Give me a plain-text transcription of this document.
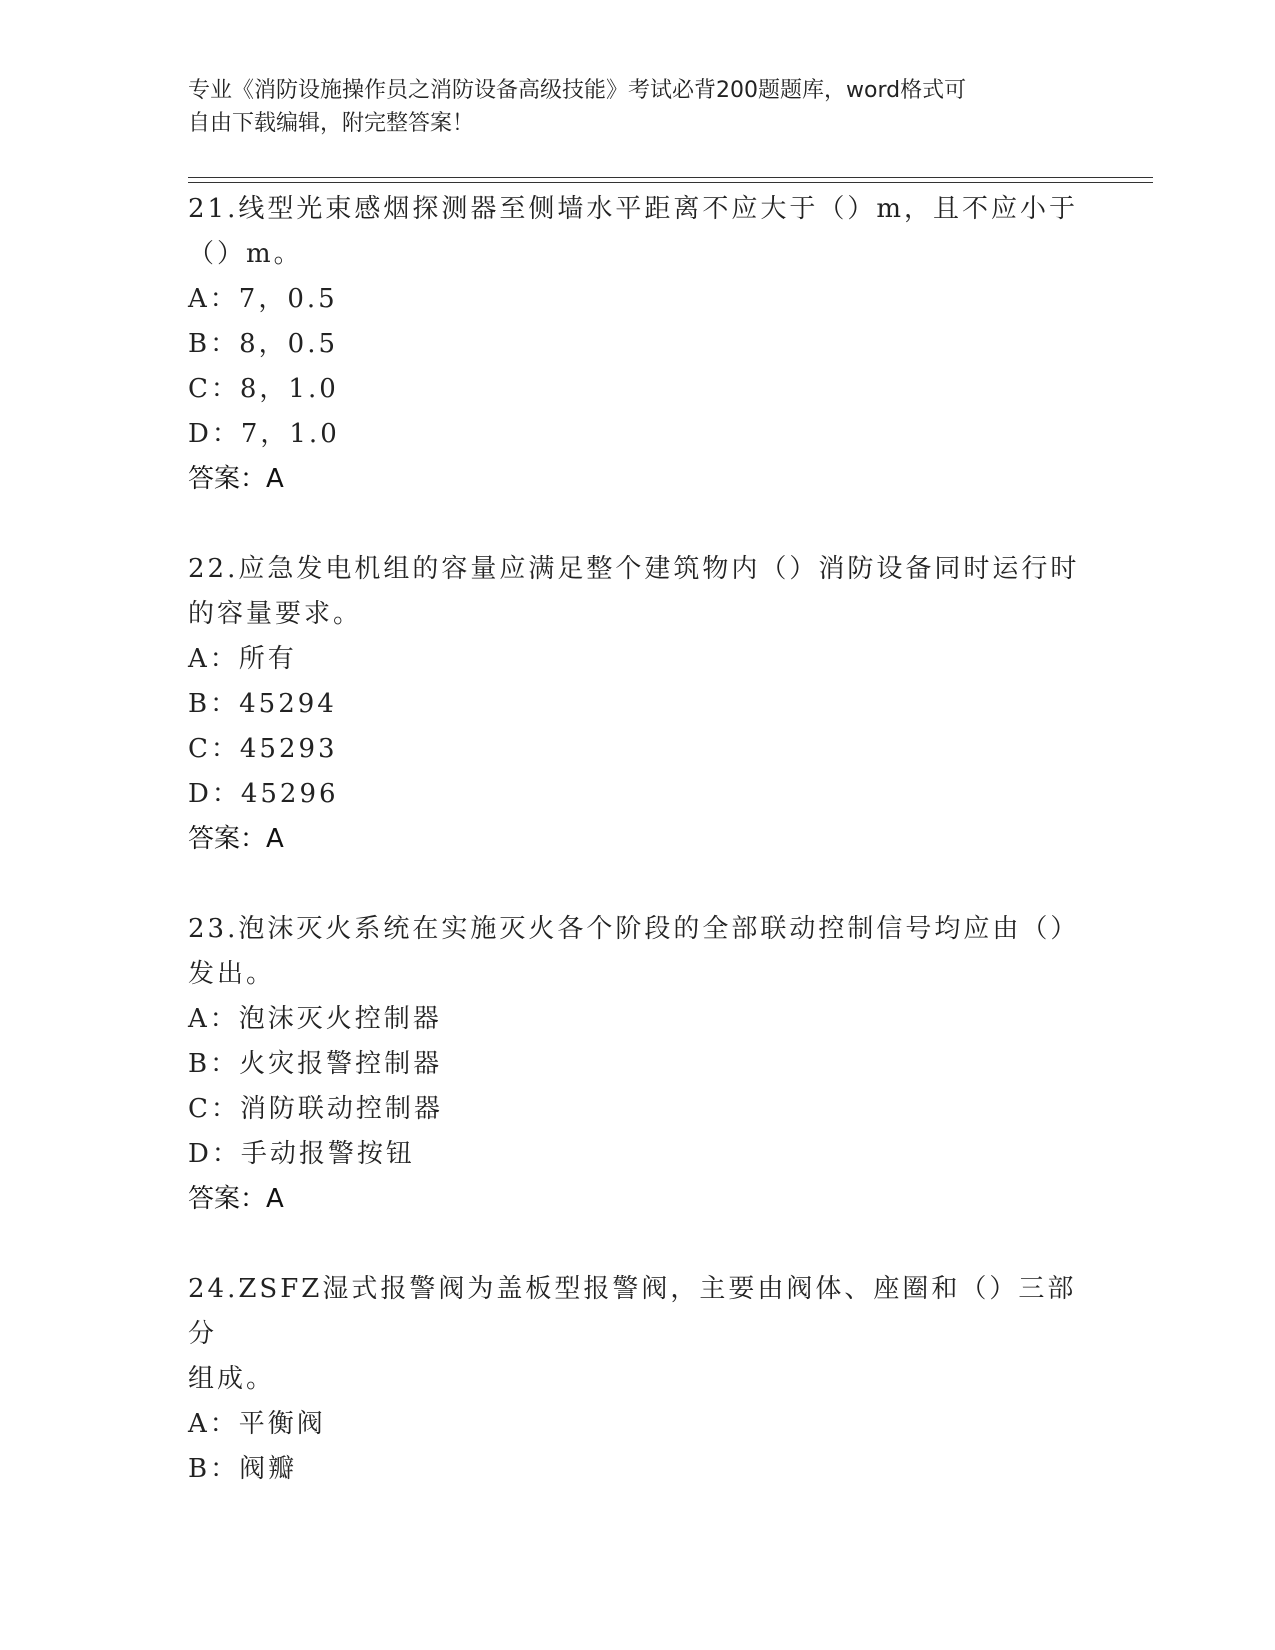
专业《消防设施操作员之消防设备高级技能》考试必背200题题库，word格式可
自由下载编辑，附完整答案！
21.线型光束感烟探测器至侧墙水平距离不应大于（）m，且不应小于
（）m。
A：7，0.5
B：8，0.5
C：8，1.0
D：7，1.0
答案：A
22.应急发电机组的容量应满足整个建筑物内（）消防设备同时运行时
的容量要求。
A：所有
B：45294
C：45293
D：45296
答案：A
23.泡沫灭火系统在实施灭火各个阶段的全部联动控制信号均应由（）
发出。
A：泡沫灭火控制器
B：火灾报警控制器
C：消防联动控制器
D：手动报警按钮
答案：A
24.ZSFZ湿式报警阀为盖板型报警阀，主要由阀体、座圈和（）三部分
组成。
A：平衡阀
B：阀瓣
